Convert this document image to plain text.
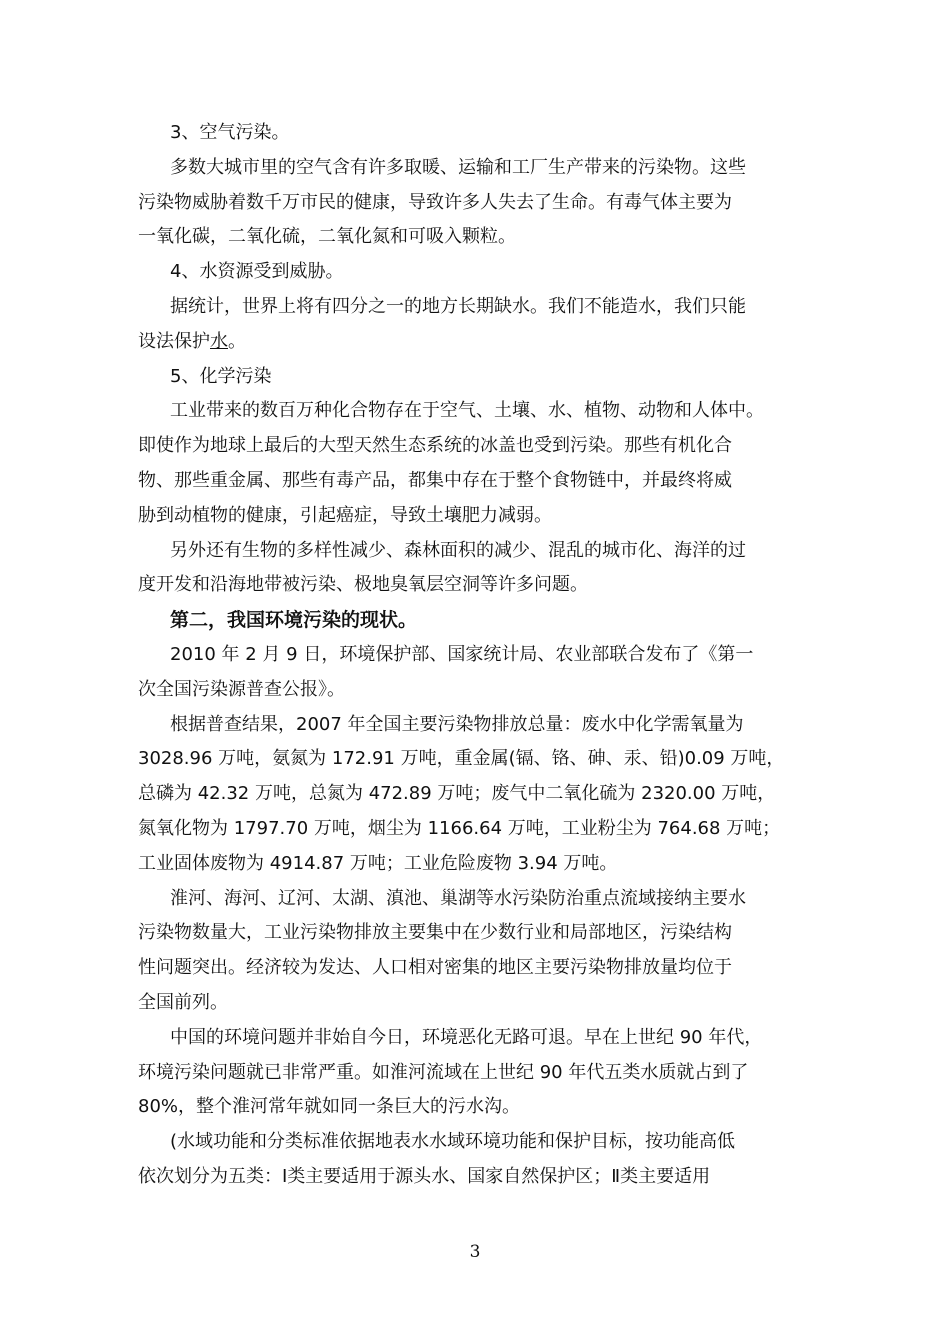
3、空气污染。
多数大城市里的空气含有许多取暖、运输和工厂生产带来的污染物。这些
污染物威胁着数千万市民的健康，导致许多人失去了生命。有毒气体主要为
一氧化碳，二氧化硫，二氧化氮和可吸入颗粒。
4、水资源受到威胁。
据统计，世界上将有四分之一的地方长期缺水。我们不能造水，我们只能
设法保护水。
5、化学污染
工业带来的数百万种化合物存在于空气、土壤、水、植物、动物和人体中。
即使作为地球上最后的大型天然生态系统的冰盖也受到污染。那些有机化合
物、那些重金属、那些有毒产品，都集中存在于整个食物链中，并最终将威
胁到动植物的健康，引起癌症，导致土壤肥力减弱。
另外还有生物的多样性减少、森林面积的减少、混乱的城市化、海洋的过
度开发和沿海地带被污染、极地臭氧层空洞等许多问题。
第二，我国环境污染的现状。
2010 年 2 月 9 日，环境保护部、国家统计局、农业部联合发布了《第一
次全国污染源普查公报》。
根据普查结果，2007 年全国主要污染物排放总量：废水中化学需氧量为
3028.96 万吨，氨氮为 172.91 万吨，重金属(镉、铬、砷、汞、铅)0.09 万吨，
总磷为 42.32 万吨，总氮为 472.89 万吨；废气中二氧化硫为 2320.00 万吨，
氮氧化物为 1797.70 万吨，烟尘为 1166.64 万吨，工业粉尘为 764.68 万吨；
工业固体废物为 4914.87 万吨；工业危险废物 3.94 万吨。
淮河、海河、辽河、太湖、滇池、巢湖等水污染防治重点流域接纳主要水
污染物数量大，工业污染物排放主要集中在少数行业和局部地区，污染结构
性问题突出。经济较为发达、人口相对密集的地区主要污染物排放量均位于
全国前列。
中国的环境问题并非始自今日，环境恶化无路可退。早在上世纪 90 年代，
环境污染问题就已非常严重。如淮河流域在上世纪 90 年代五类水质就占到了
80%，整个淮河常年就如同一条巨大的污水沟。
(水域功能和分类标准依据地表水水域环境功能和保护目标，按功能高低
依次划分为五类：Ⅰ类主要适用于源头水、国家自然保护区；Ⅱ类主要适用
3
